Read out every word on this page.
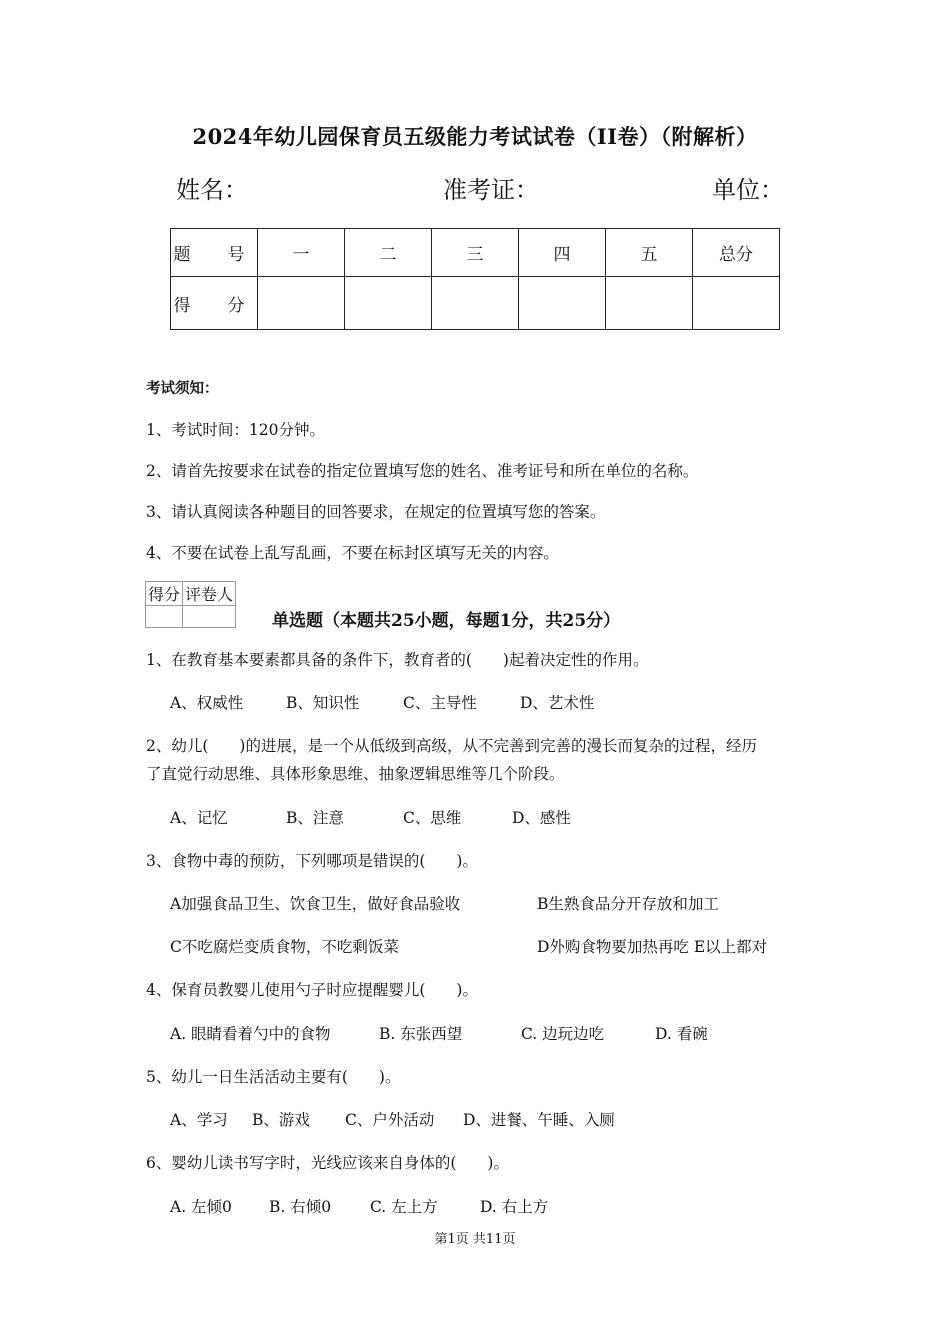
2024年幼儿园保育员五级能力考试试卷（II卷）（附解析）
姓名：	准考证：	单位：
题　号	一	二	三	四	五	总分
得　分						
考试须知：
1、考试时间：120分钟。
2、请首先按要求在试卷的指定位置填写您的姓名、准考证号和所在单位的名称。
3、请认真阅读各种题目的回答要求，在规定的位置填写您的答案。
4、不要在试卷上乱写乱画，不要在标封区填写无关的内容。
得分	评卷人

单选题（本题共25小题，每题1分，共25分）
1、在教育基本要素都具备的条件下，教育者的(　　)起着决定性的作用。
A、权威性	B、知识性	C、主导性	D、艺术性
2、幼儿(　　)的进展，是一个从低级到高级，从不完善到完善的漫长而复杂的过程，经历
了直觉行动思维、具体形象思维、抽象逻辑思维等几个阶段。
A、记忆	B、注意	C、思维	D、感性
3、食物中毒的预防，下列哪项是错误的(　　)。
A加强食品卫生、饮食卫生，做好食品验收	B生熟食品分开存放和加工
C不吃腐烂变质食物，不吃剩饭菜	D外购食物要加热再吃 E以上都对
4、保育员教婴儿使用勺子时应提醒婴儿(　　)。
A. 眼睛看着勺中的食物	B. 东张西望	C. 边玩边吃	D. 看碗
5、幼儿一日生活活动主要有(　　)。
A、学习 B、游戏 C、户外活动 D、进餐、午睡、入厕
6、婴幼儿读书写字时，光线应该来自身体的(　　)。
A. 左倾0 B. 右倾0	C. 左上方	D. 右上方
第1页 共11页
